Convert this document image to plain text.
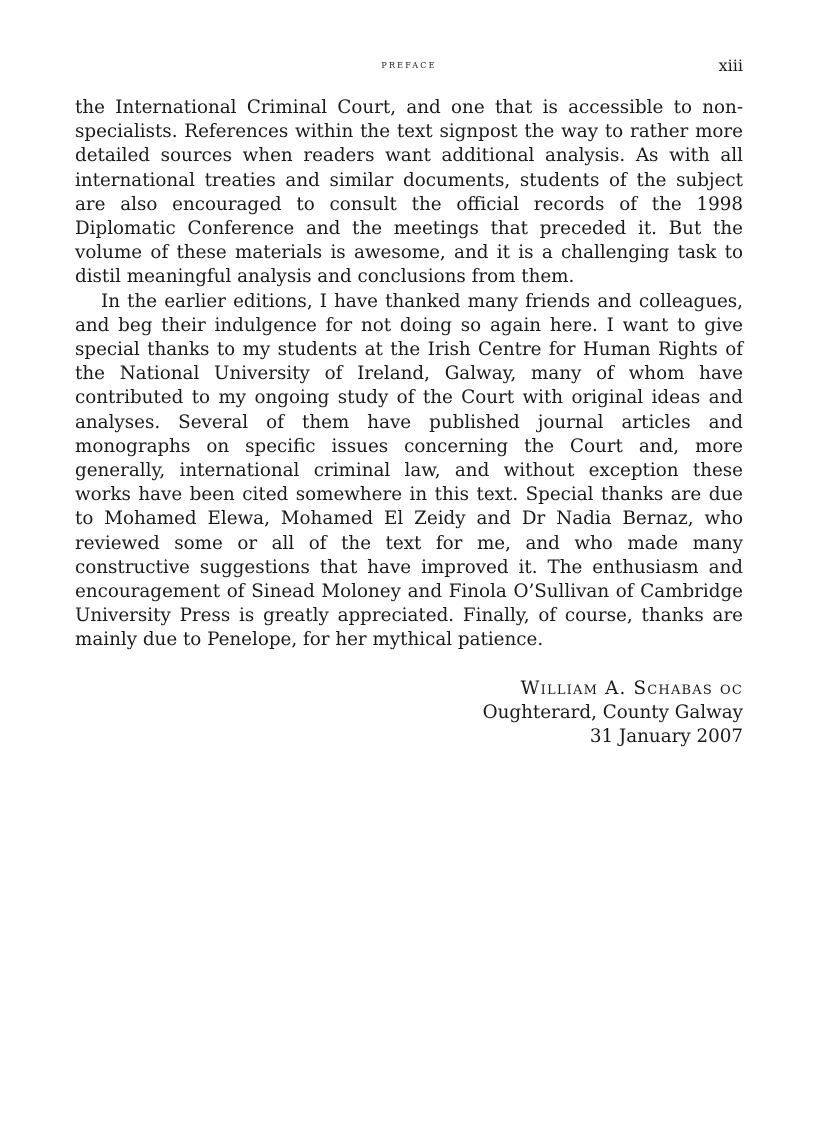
preface	xiii

the International Criminal Court, and one that is accessible to non-specialists. References within the text signpost the way to rather more detailed sources when readers want additional analysis. As with all international treaties and similar documents, students of the subject are also encouraged to consult the official records of the 1998 Diplomatic Conference and the meetings that preceded it. But the volume of these materials is awesome, and it is a challenging task to distil meaningful analysis and conclusions from them.

In the earlier editions, I have thanked many friends and colleagues, and beg their indulgence for not doing so again here. I want to give special thanks to my students at the Irish Centre for Human Rights of the National University of Ireland, Galway, many of whom have contributed to my ongoing study of the Court with original ideas and analyses. Several of them have published journal articles and monographs on specific issues concerning the Court and, more generally, international criminal law, and without exception these works have been cited somewhere in this text. Special thanks are due to Mohamed Elewa, Mohamed El Zeidy and Dr Nadia Bernaz, who reviewed some or all of the text for me, and who made many constructive suggestions that have improved it. The enthusiasm and encouragement of Sinead Moloney and Finola O’Sullivan of Cambridge University Press is greatly appreciated. Finally, of course, thanks are mainly due to Penelope, for her mythical patience.

William A. Schabas oc
Oughterard, County Galway
31 January 2007
